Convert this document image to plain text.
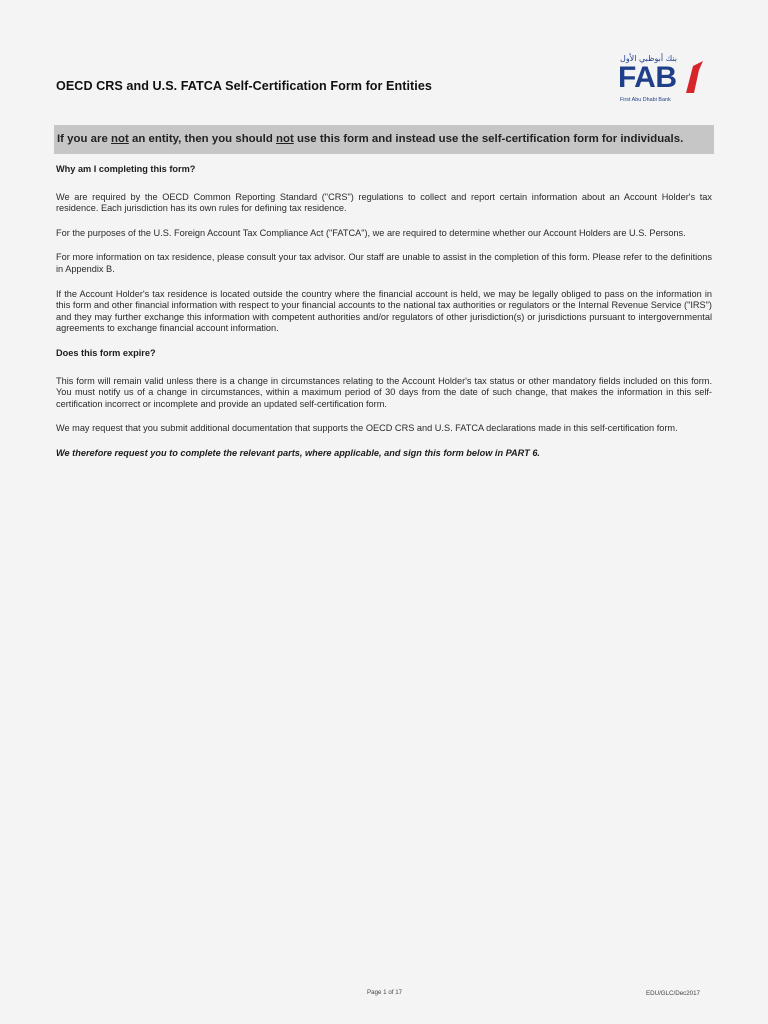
OECD CRS and U.S. FATCA Self-Certification Form for Entities
بنك أبوظبي الأول
FAB
First Abu Dhabi Bank
If you are not an entity, then you should not use this form and instead use the self-certification form for individuals.

Why am I completing this form?

We are required by the OECD Common Reporting Standard ("CRS") regulations to collect and report certain information about an Account Holder's tax residence. Each jurisdiction has its own rules for defining tax residence.

For the purposes of the U.S. Foreign Account Tax Compliance Act ("FATCA"), we are required to determine whether our Account Holders are U.S. Persons.

For more information on tax residence, please consult your tax advisor. Our staff are unable to assist in the completion of this form. Please refer to the definitions in Appendix B.

If the Account Holder's tax residence is located outside the country where the financial account is held, we may be legally obliged to pass on the information in this form and other financial information with respect to your financial accounts to the national tax authorities or regulators or the Internal Revenue Service ("IRS") and they may further exchange this information with competent authorities and/or regulators of other jurisdiction(s) or jurisdictions pursuant to intergovernmental agreements to exchange financial account information.

Does this form expire?

This form will remain valid unless there is a change in circumstances relating to the Account Holder's tax status or other mandatory fields included on this form. You must notify us of a change in circumstances, within a maximum period of 30 days from the date of such change, that makes the information in this self-certification incorrect or incomplete and provide an updated self-certification form.

We may request that you submit additional documentation that supports the OECD CRS and U.S. FATCA declarations made in this self-certification form.

We therefore request you to complete the relevant parts, where applicable, and sign this form below in PART 6.

Page 1 of 17	EDU/GLC/Dec2017
